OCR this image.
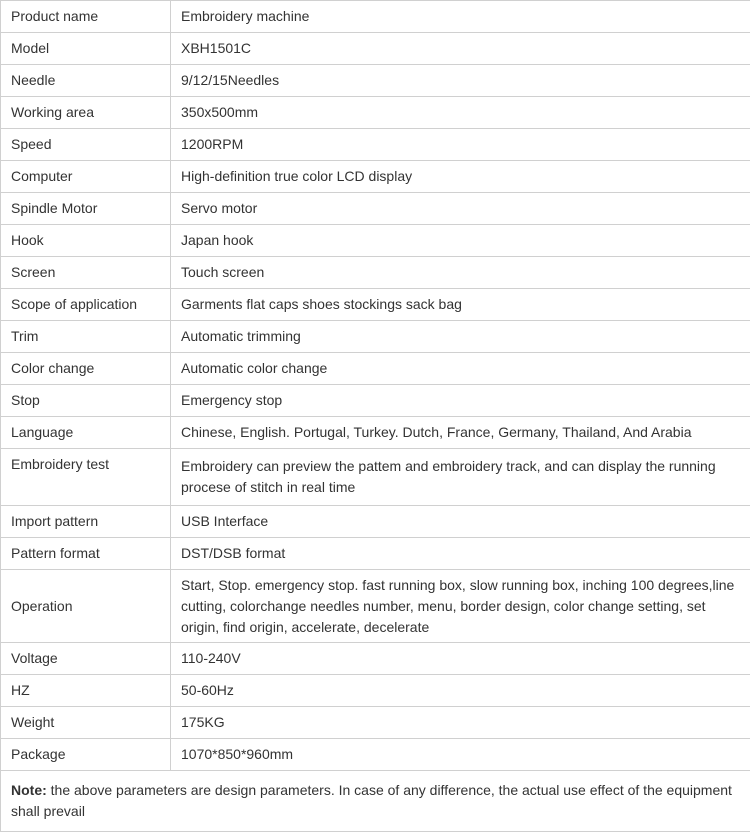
Product name	Embroidery machine
Model	XBH1501C
Needle	9/12/15Needles
Working area	350x500mm
Speed	1200RPM
Computer	High-definition true color LCD display
Spindle Motor	Servo motor
Hook	Japan hook
Screen	Touch screen
Scope of application	Garments flat caps shoes stockings sack bag
Trim	Automatic trimming
Color change	Automatic color change
Stop	Emergency stop
Language	Chinese, English. Portugal, Turkey. Dutch, France, Germany, Thailand, And Arabia
Embroidery test	Embroidery can preview the pattem and embroidery track, and can display the running procese of stitch in real time
Import pattern	USB Interface
Pattern format	DST/DSB format
Operation	Start, Stop. emergency stop. fast running box, slow running box, inching 100 degrees,line cutting, colorchange needles number, menu, border design, color change setting, set origin, find origin, accelerate, decelerate
Voltage	110-240V
HZ	50-60Hz
Weight	175KG
Package	1070*850*960mm
Note: the above parameters are design parameters. In case of any difference, the actual use effect of the equipment shall prevail	
